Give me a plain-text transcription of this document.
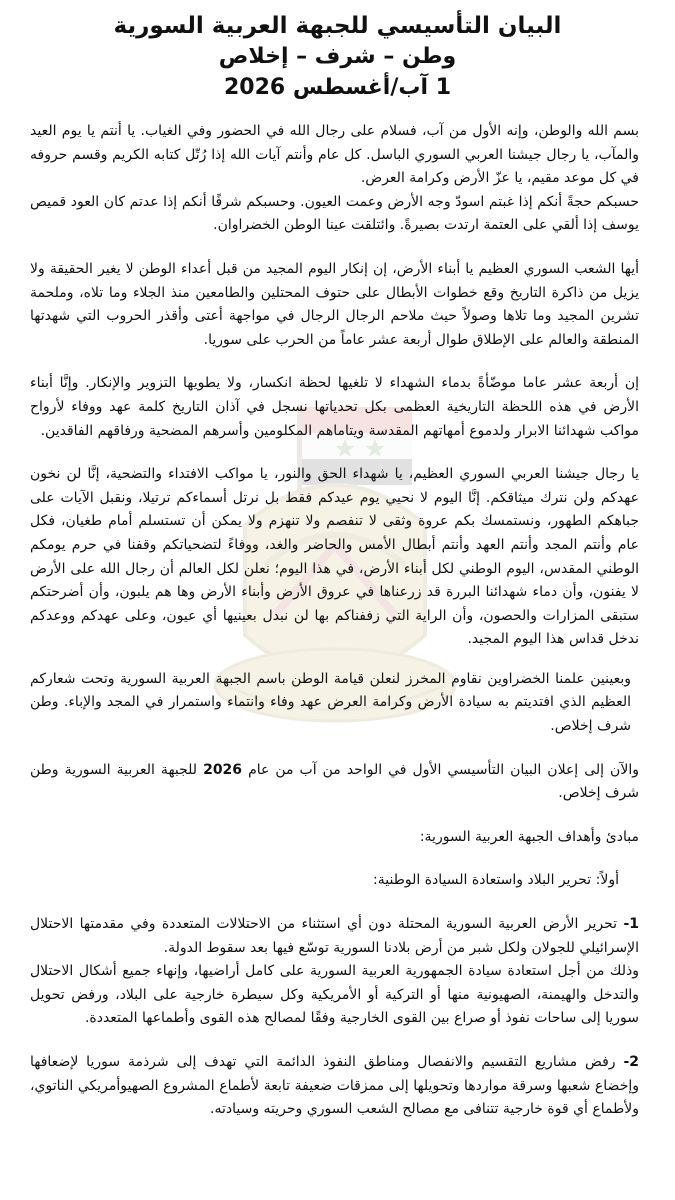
البيان التأسيسي للجبهة العربية السورية
وطن – شرف – إخلاص
1 آب/أغسطس 2026

بسم الله والوطن، وإنه الأول من آب، فسلام على رجال الله في الحضور وفي الغياب. يا أنتم يا يوم العيد والمآب، يا رجال جيشنا العربي السوري الباسل. كل عام وأنتم آيات الله إذا رُتّل كتابه الكريم وقسم حروفه في كل موعد مقيم، يا عزّ الأرض وكرامة العرض.

حسبكم حجةً أنكم إذا غبتم اسودّ وجه الأرض وعمت العيون. وحسبكم شرفًا أنكم إذا عدتم كان العود قميص يوسف إذا ألقي على العتمة ارتدت بصيرةً. وائتلقت عينا الوطن الخضراوان.

أيها الشعب السوري العظيم يا أبناء الأرض، إن إنكار اليوم المجيد من قبل أعداء الوطن لا يغير الحقيقة ولا يزيل من ذاكرة التاريخ وقع خطوات الأبطال على حتوف المحتلين والطامعين منذ الجلاء وما تلاه، وملحمة تشرين المجيد وما تلاها وصولاً حيث ملاحم الرجال الرجال في مواجهة أعتى وأقذر الحروب التي شهدتها المنطقة والعالم على الإطلاق طوال أربعة عشر عاماً من الحرب على سوريا.

إن أربعة عشر عاما موضّأةً بدماء الشهداء لا تلغيها لحظة انكسار، ولا يطويها التزوير والإنكار. وإنَّا أبناء الأرض في هذه اللحظة التاريخية العظمى بكل تحدياتها نسجل في آذان التاريخ كلمة عهد ووفاء لأرواح مواكب شهدائنا الابرار ولدموع أمهاتهم المقدسة ويتاماهم المكلومين وأسرهم المضحية ورفاقهم الفاقدين.

يا رجال جيشنا العربي السوري العظيم، يا شهداء الحق والنور، يا مواكب الافتداء والتضحية، إنَّا لن نخون عهدكم ولن نترك ميثاقكم. إنَّا اليوم لا نحيي يوم عيدكم فقط بل نرتل أسماءكم ترتيلا، ونقبل الآيات على جباهكم الطهور، ونستمسك بكم عروة وثقى لا تنفصم ولا تنهزم ولا يمكن أن تستسلم أمام طغيان، فكل عام وأنتم المجد وأنتم العهد وأنتم أبطال الأمس والحاضر والغد، ووفاءً لتضحياتكم وقفنا في حرم يومكم الوطني المقدس، اليوم الوطني لكل أبناء الأرض، في هذا اليوم؛ نعلن لكل العالم أن رجال الله على الأرض لا يفنون، وأن دماء شهدائنا البررة قد زرعناها في عروق الأرض وأبناء الأرض وها هم يلبون، وأن أضرحتكم ستبقى المزارات والحصون، وأن الراية التي زففناكم بها لن نبدل بعينيها أي عيون، وعلى عهدكم ووعدكم ندخل قداس هذا اليوم المجيد.

وبعينين علمنا الخضراوين نقاوم المخرز لنعلن قيامة الوطن باسم الجبهة العربية السورية وتحت شعاركم العظيم الذي افتديتم به سيادة الأرض وكرامة العرض عهد وفاء وانتماء واستمرار في المجد والإباء. وطن شرف إخلاص.

والآن إلى إعلان البيان التأسيسي الأول في الواحد من آب من عام 2026 للجبهة العربية السورية وطن شرف إخلاص.

مبادئ وأهداف الجبهة العربية السورية:

أولاً: تحرير البلاد واستعادة السيادة الوطنية:

1- تحرير الأرض العربية السورية المحتلة دون أي استثناء من الاحتلالات المتعددة وفي مقدمتها الاحتلال الإسرائيلي للجولان ولكل شبر من أرض بلادنا السورية توسّع فيها بعد سقوط الدولة.

وذلك من أجل استعادة سيادة الجمهورية العربية السورية على كامل أراضيها، وإنهاء جميع أشكال الاحتلال والتدخل والهيمنة، الصهيونية منها أو التركية أو الأمريكية وكل سيطرة خارجية على البلاد، ورفض تحويل سوريا إلى ساحات نفوذ أو صراع بين القوى الخارجية وفقًا لمصالح هذه القوى وأطماعها المتعددة.

2- رفض مشاريع التقسيم والانفصال ومناطق النفوذ الدائمة التي تهدف إلى شرذمة سوريا لإضعافها وإخضاع شعبها وسرقة مواردها وتحويلها إلى ممزقات ضعيفة تابعة لأطماع المشروع الصهيوأمريكي الناتوي، ولأطماع أي قوة خارجية تتنافى مع مصالح الشعب السوري وحريته وسيادته.
